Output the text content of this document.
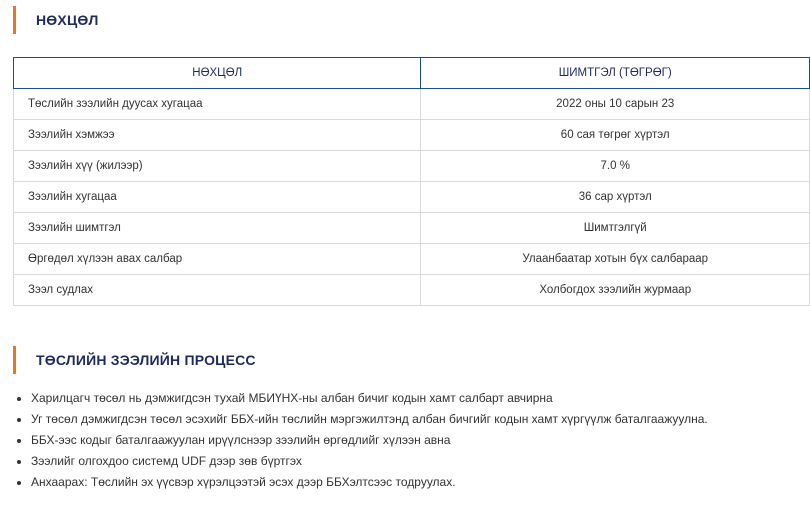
НӨХЦӨЛ
НӨХЦӨЛ	ШИМТГЭЛ (ТӨГРӨГ)
Төслийн зээлийн дуусах хугацаа	2022 оны 10 сарын 23
Зээлийн хэмжээ	60 сая төгрөг хүртэл
Зээлийн хүү (жилээр)	7.0 %
Зээлийн хугацаа	36 сар хүртэл
Зээлийн шимтгэл	Шимтгэлгүй
Өргөдөл хүлээн авах салбар	Улаанбаатар хотын бүх салбараар
Зээл судлах	Холбогдох зээлийн журмаар
ТӨСЛИЙН ЗЭЭЛИЙН ПРОЦЕСС
• Харилцагч төсөл нь дэмжигдсэн тухай МБИҮНХ-ны албан бичиг кодын хамт салбарт авчирна
• Уг төсөл дэмжигдсэн төсөл эсэхийг ББХ-ийн төслийн мэргэжилтэнд албан бичгийг кодын хамт хүргүүлж баталгаажуулна.
• ББХ-ээс кодыг баталгаажуулан ирүүлснээр зээлийн өргөдлийг хүлээн авна
• Зээлийг олгохдоо системд UDF дээр зөв бүртгэх
• Анхаарах: Төслийн эх үүсвэр хүрэлцээтэй эсэх дээр ББХэлтсээс тодруулах.
